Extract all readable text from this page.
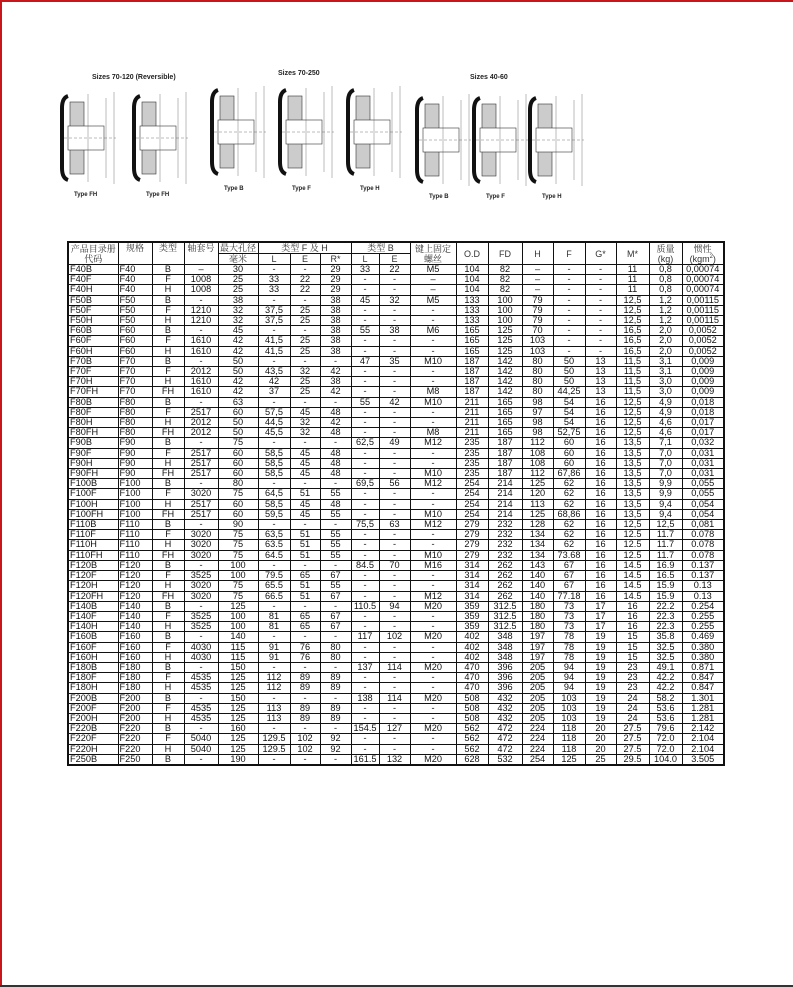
Sizes 70-120 (Reversible)
Sizes 70-250
Sizes 40-60
Type FH	Type FH
Type B	Type F	Type H
Type B	Type F	Type H
产品目录册代码	规格	类型	轴套号	最大孔径	类型 F 及 H			类型 B		键上固定螺丝	O.D	FD	H	F	G*	M*	质量
(kg)	惯性
(kgm$^2$)
				毫米	L	E	R*	L	E									
F40B	F40	B	–	30	-	-	29	33	22	M5	104	82	–	-	-	11	0,8	0,00074
F40F	F40	F	1008	25	33	22	29	-	-	–	104	82	–	-	-	11	0,8	0,00074
F40H	F40	H	1008	25	33	22	29	-	-	–	104	82	–	-	-	11	0,8	0,00074
F50B	F50	B	-	38	-	-	38	45	32	M5	133	100	79	-	-	12,5	1,2	0,00115
F50F	F50	F	1210	32	37,5	25	38	-	-	-	133	100	79	-	-	12,5	1,2	0,00115
F50H	F50	H	1210	32	37,5	25	38	-	-	-	133	100	79	-	-	12,5	1,2	0,00115
F60B	F60	B	-	45	-	-	38	55	38	M6	165	125	70	-	-	16,5	2,0	0,0052
F60F	F60	F	1610	42	41,5	25	38	-	-	-	165	125	103	-	-	16,5	2,0	0,0052
F60H	F60	H	1610	42	41,5	25	38	-	-	-	165	125	103	-	-	16,5	2,0	0,0052
F70B	F70	B	-	50	-	-	-	47	35	M10	187	142	80	50	13	11,5	3,1	0,009
F70F	F70	F	2012	50	43,5	32	42	-	-	-	187	142	80	50	13	11,5	3,1	0,009
F70H	F70	H	1610	42	42	25	38	-	-	-	187	142	80	50	13	11,5	3,0	0,009
F70FH	F70	FH	1610	42	37	25	42	-	-	M8	187	142	80	44,25	13	11,5	3,0	0,009
F80B	F80	B	-	63	-	-	-	55	42	M10	211	165	98	54	16	12,5	4,9	0,018
F80F	F80	F	2517	60	57,5	45	48	-	-	-	211	165	97	54	16	12,5	4,9	0,018
F80H	F80	H	2012	50	44,5	32	42	-	-	-	211	165	98	54	16	12,5	4,6	0,017
F80FH	F80	FH	2012	50	45,5	32	48	-	-	M8	211	165	98	52,75	16	12,5	4,6	0,017
F90B	F90	B	-	75	-	-	-	62,5	49	M12	235	187	112	60	16	13,5	7,1	0,032
F90F	F90	F	2517	60	58,5	45	48	-	-	-	235	187	108	60	16	13,5	7,0	0,031
F90H	F90	H	2517	60	58,5	45	48	-	-	-	235	187	108	60	16	13,5	7,0	0,031
F90FH	F90	FH	2517	60	58,5	45	48	-	-	M10	235	187	112	67,86	16	13,5	7,0	0,031
F100B	F100	B	-	80	-	-	-	69,5	56	M12	254	214	125	62	16	13,5	9,9	0,055
F100F	F100	F	3020	75	64,5	51	55	-	-	-	254	214	120	62	16	13,5	9,9	0,055
F100H	F100	H	2517	60	58,5	45	48	-	-	-	254	214	113	62	16	13,5	9,4	0,054
F100FH	F100	FH	2517	60	59,5	45	55	-	-	M10	254	214	125	68,86	16	13,5	9,4	0,054
F110B	F110	B	-	90	-	-	-	75,5	63	M12	279	232	128	62	16	12,5	12,5	0,081
F110F	F110	F	3020	75	63,5	51	55	-	-	-	279	232	134	62	16	12.5	11.7	0.078
F110H	F110	H	3020	75	63.5	51	55	-	-	-	279	232	134	62	16	12.5	11.7	0.078
F110FH	F110	FH	3020	75	64.5	51	55	-	-	M10	279	232	134	73.68	16	12.5	11.7	0.078
F120B	F120	B	-	100	-	-	-	84.5	70	M16	314	262	143	67	16	14.5	16.9	0.137
F120F	F120	F	3525	100	79.5	65	67	-	-	-	314	262	140	67	16	14.5	16.5	0.137
F120H	F120	H	3020	75	65.5	51	55	-	-	-	314	262	140	67	16	14.5	15.9	0.13
F120FH	F120	FH	3020	75	66.5	51	67	-	-	M12	314	262	140	77.18	16	14.5	15.9	0.13
F140B	F140	B	-	125	-	-	-	110.5	94	M20	359	312.5	180	73	17	16	22.2	0.254
F140F	F140	F	3525	100	81	65	67	-	-	-	359	312.5	180	73	17	16	22.3	0.255
F140H	F140	H	3525	100	81	65	67	-	-	-	359	312.5	180	73	17	16	22.3	0.255
F160B	F160	B	-	140	-	-	-	117	102	M20	402	348	197	78	19	15	35.8	0.469
F160F	F160	F	4030	115	91	76	80	-	-	-	402	348	197	78	19	15	32.5	0.380
F160H	F160	H	4030	115	91	76	80	-	-	-	402	348	197	78	19	15	32.5	0.380
F180B	F180	B	-	150	-	-	-	137	114	M20	470	396	205	94	19	23	49.1	0.871
F180F	F180	F	4535	125	112	89	89	-	-	-	470	396	205	94	19	23	42.2	0.847
F180H	F180	H	4535	125	112	89	89	-	-	-	470	396	205	94	19	23	42.2	0.847
F200B	F200	B	-	150	-	-	-	138	114	M20	508	432	205	103	19	24	58.2	1.301
F200F	F200	F	4535	125	113	89	89	-	-	-	508	432	205	103	19	24	53.6	1.281
F200H	F200	H	4535	125	113	89	89	-	-	-	508	432	205	103	19	24	53.6	1.281
F220B	F220	B	-	160	-	-	-	154.5	127	M20	562	472	224	118	20	27.5	79.6	2.142
F220F	F220	F	5040	125	129.5	102	92	-	-	-	562	472	224	118	20	27.5	72.0	2.104
F220H	F220	H	5040	125	129.5	102	92	-	-	-	562	472	224	118	20	27.5	72.0	2.104
F250B	F250	B	-	190	-	-	-	161.5	132	M20	628	532	254	125	25	29.5	104.0	3.505
